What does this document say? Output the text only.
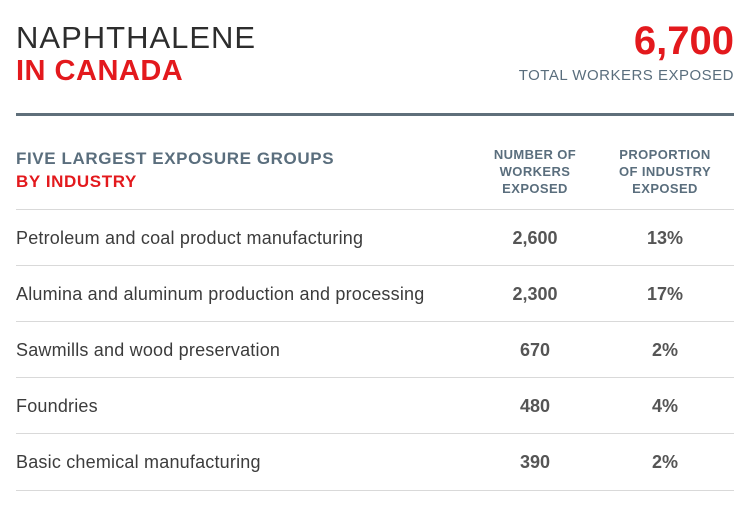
NAPHTHALENE
IN CANADA
6,700
TOTAL WORKERS EXPOSED
FIVE LARGEST EXPOSURE GROUPS
BY INDUSTRY
NUMBER OF
WORKERS
EXPOSED
PROPORTION
OF INDUSTRY
EXPOSED
Petroleum and coal product manufacturing	2,600	13%
Alumina and aluminum production and processing	2,300	17%
Sawmills and wood preservation	670	2%
Foundries	480	4%
Basic chemical manufacturing	390	2%
